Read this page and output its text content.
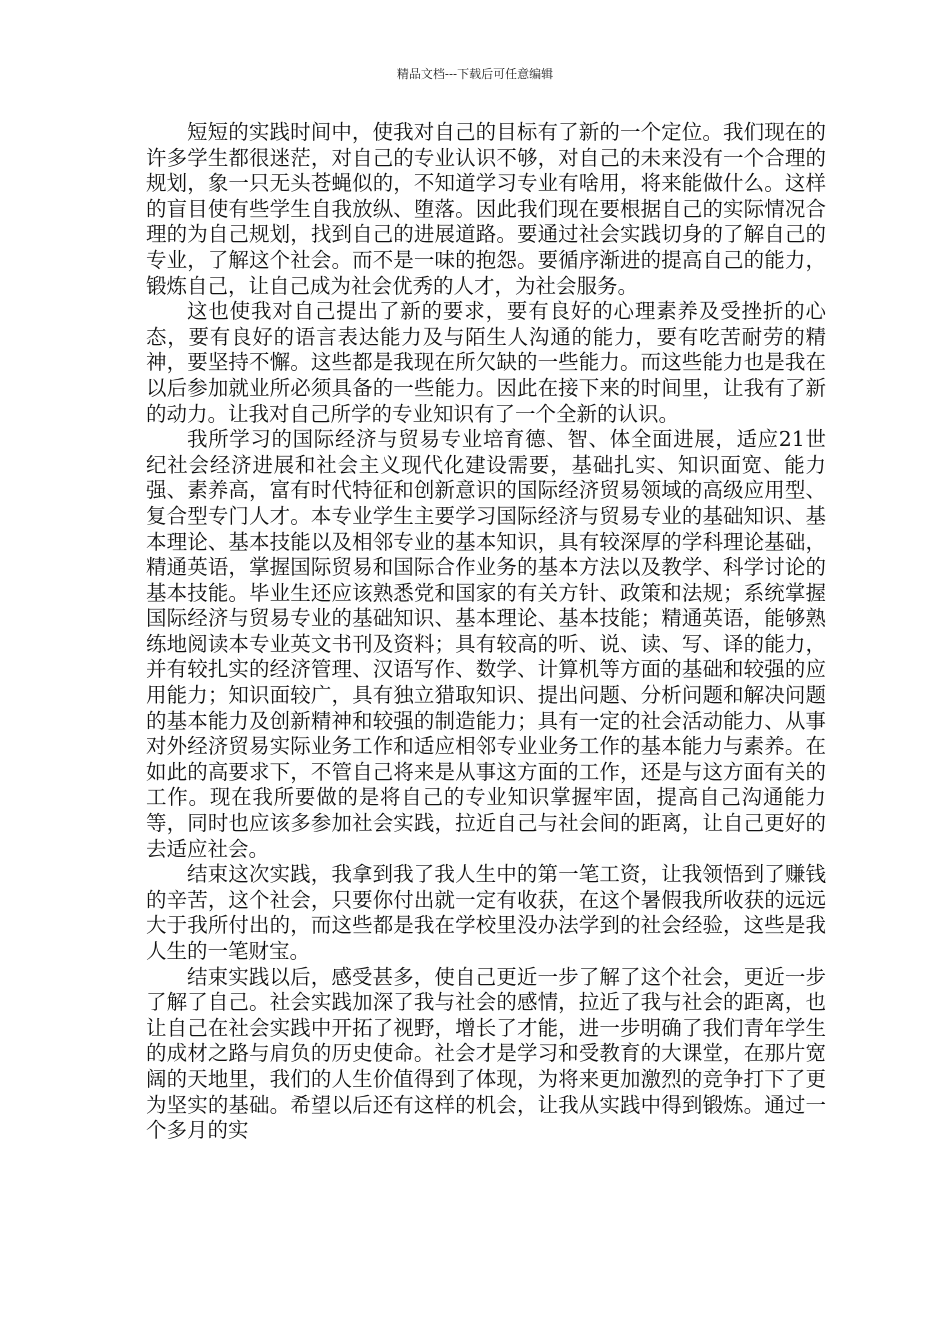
精品文档---下载后可任意编辑

短短的实践时间中，使我对自己的目标有了新的一个定位。我们现在的许多学生都很迷茫，对自己的专业认识不够，对自己的未来没有一个合理的规划，象一只无头苍蝇似的，不知道学习专业有啥用，将来能做什么。这样的盲目使有些学生自我放纵、堕落。因此我们现在要根据自己的实际情况合理的为自己规划，找到自己的进展道路。要通过社会实践切身的了解自己的专业，了解这个社会。而不是一味的抱怨。要循序渐进的提高自己的能力，锻炼自己，让自己成为社会优秀的人才，为社会服务。

这也使我对自己提出了新的要求，要有良好的心理素养及受挫折的心态，要有良好的语言表达能力及与陌生人沟通的能力，要有吃苦耐劳的精神，要坚持不懈。这些都是我现在所欠缺的一些能力。而这些能力也是我在以后参加就业所必须具备的一些能力。因此在接下来的时间里，让我有了新的动力。让我对自己所学的专业知识有了一个全新的认识。

我所学习的国际经济与贸易专业培育德、智、体全面进展，适应21世纪社会经济进展和社会主义现代化建设需要，基础扎实、知识面宽、能力强、素养高，富有时代特征和创新意识的国际经济贸易领域的高级应用型、复合型专门人才。本专业学生主要学习国际经济与贸易专业的基础知识、基本理论、基本技能以及相邻专业的基本知识，具有较深厚的学科理论基础，精通英语，掌握国际贸易和国际合作业务的基本方法以及教学、科学讨论的基本技能。毕业生还应该熟悉党和国家的有关方针、政策和法规；系统掌握国际经济与贸易专业的基础知识、基本理论、基本技能；精通英语，能够熟练地阅读本专业英文书刊及资料；具有较高的听、说、读、写、译的能力，并有较扎实的经济管理、汉语写作、数学、计算机等方面的基础和较强的应用能力；知识面较广，具有独立猎取知识、提出问题、分析问题和解决问题的基本能力及创新精神和较强的制造能力；具有一定的社会活动能力、从事对外经济贸易实际业务工作和适应相邻专业业务工作的基本能力与素养。在如此的高要求下，不管自己将来是从事这方面的工作，还是与这方面有关的工作。现在我所要做的是将自己的专业知识掌握牢固，提高自己沟通能力等，同时也应该多参加社会实践，拉近自己与社会间的距离，让自己更好的去适应社会。

结束这次实践，我拿到我了我人生中的第一笔工资，让我领悟到了赚钱的辛苦，这个社会，只要你付出就一定有收获，在这个暑假我所收获的远远大于我所付出的，而这些都是我在学校里没办法学到的社会经验，这些是我人生的一笔财宝。

结束实践以后，感受甚多，使自己更近一步了解了这个社会，更近一步了解了自己。社会实践加深了我与社会的感情，拉近了我与社会的距离，也让自己在社会实践中开拓了视野，增长了才能，进一步明确了我们青年学生的成材之路与肩负的历史使命。社会才是学习和受教育的大课堂，在那片宽阔的天地里，我们的人生价值得到了体现，为将来更加激烈的竞争打下了更为坚实的基础。希望以后还有这样的机会，让我从实践中得到锻炼。通过一个多月的实
